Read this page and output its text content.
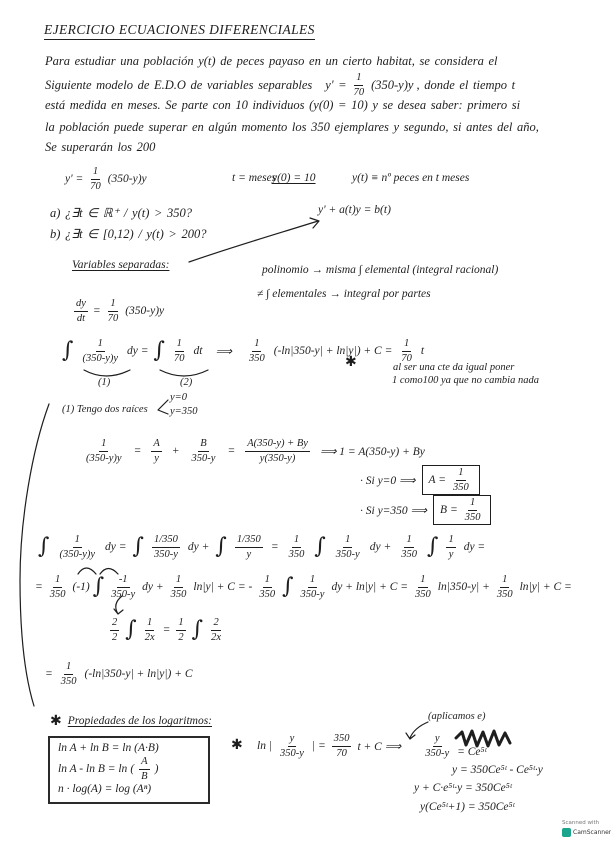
EJERCICIO ECUACIONES DIFERENCIALES
Para estudiar una población y(t) de peces payaso en un cierto habitat, se considera el
Siguiente modelo de E.D.O de variables separables $y' = \frac{1}{70} (350-y)y$ , donde el tiempo t
está medida en meses. Se parte con 10 individuos (y(0) = 10) y se desea saber: primero si
la población puede superar en algún momento los 350 ejemplares y segundo, si antes del año,
Se superarán los 200
$y' = \frac{1}{70} (350-y)y$	t = meses
y(0) = 10	y(t) ≡ nº peces en t meses
a) ¿∃t ∈ ℝ⁺ / y(t) > 350?
b) ¿∃t ∈ [0,12) / y(t) > 200?
y' + a(t)y = b(t)
Variables separadas:	polinomio → misma ∫ elemental (integral racional)
≠ ∫ elementales → integral por partes
$\frac{dy}{dt} = \frac{1}{70} (350-y)y$
∫ $\frac{1}{(350-y)y}$ dy = ∫ $\frac{1}{70}$ dt ⟹ $\frac{1}{350} (-\ln|350-y| + \ln|y|) + C = \frac{1}{70}$ t
(1)	(2)
✱	al ser una cte da igual poner
1 como100 ya que no cambia nada
(1) Tengo dos raíces
y=0
y=350
$\frac{1}{(350-y)y} = \frac{A}{y} + \frac{B}{350-y} = \frac{A(350-y) + By}{y(350-y)}$ ⟹ 1 = A(350-y) + By
· Si y=0 ⟹ $A = \frac{1}{350}$
· Si y=350 ⟹ $B = \frac{1}{350}$
∫ $\frac{1}{(350-y)y}$ dy = ∫ $\frac{1/350}{350-y}$ dy + ∫ $\frac{1/350}{y} = \frac{1}{350}$ ∫ $\frac{1}{350-y}$ dy + $\frac{1}{350}$ ∫ $\frac{1}{y}$ dy =
= $\frac{1}{350} (-1)$ ∫ $\frac{-1}{350-y}$ dy + $\frac{1}{350} \ln|y| + C$ = - $\frac{1}{350}$ ∫ $\frac{1}{350-y}$ dy + $\ln|y| + C = \frac{1}{350} \ln|350-y| + \frac{1}{350} \ln|y| + C$ =
$\frac{2}{2}$ ∫ $\frac{1}{2x} = \frac{1}{2}$ ∫ $\frac{2}{2x}$
= $\frac{1}{350} (-\ln|350-y| + \ln|y|) + C$
✱ Propiedades de los logaritmos:
ln A + ln B = ln (A·B)
ln A - ln B = ln ( $\frac{A}{B}$ )
n · log(A) = log (Aⁿ)
✱
(aplicamos e)
ln | $\frac{y}{350-y}$ | = $\frac{350}{70}$ t + C ⟹ $\frac{y}{350-y}$ = Ce⁵ᵗ
y = 350Ce⁵ᵗ - Ce⁵ᵗ·y
y + C·e⁵ᵗ·y = 350Ce⁵ᵗ
y(Ce⁵ᵗ+1) = 350Ce⁵ᵗ
Scanned with
CamScanner
